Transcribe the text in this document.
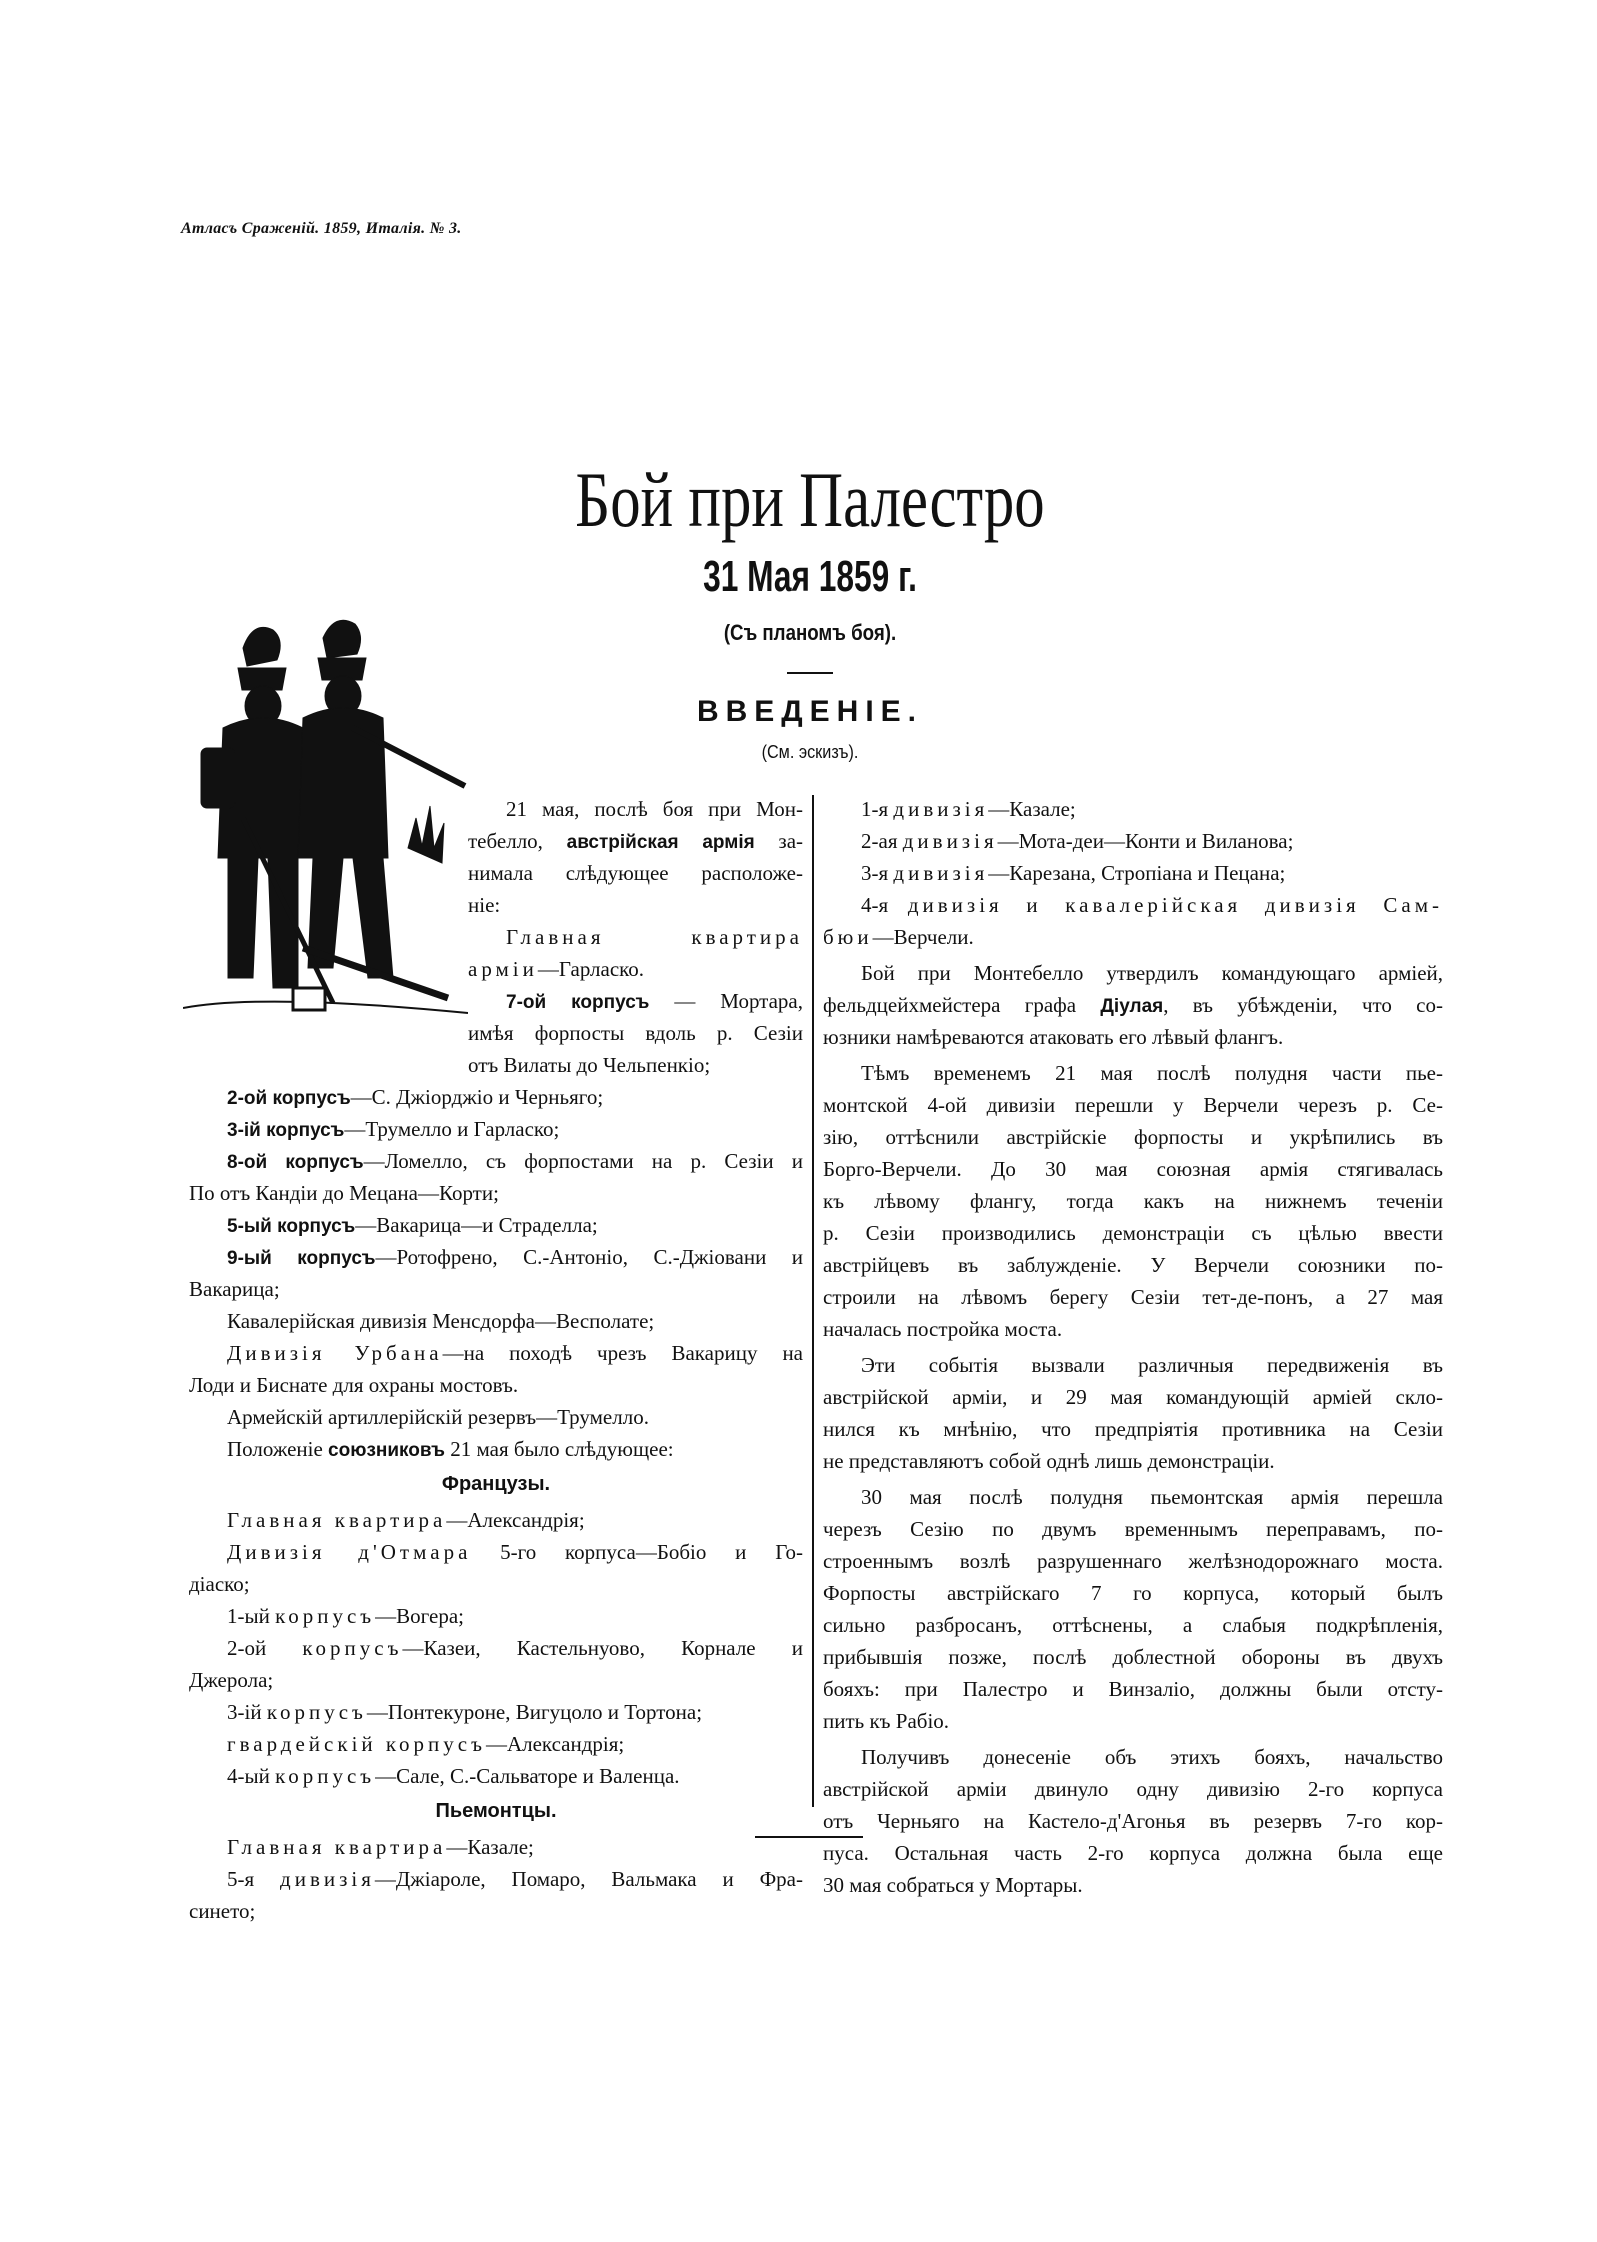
Атласъ Сраженій. 1859, Италія. № 3.
Бой при Палестро
31 Мая 1859 г.
(Съ планомъ боя).
ВВЕДЕНІЕ.
(См. эскизъ).
21 мая, послѣ боя при Мон-
тебелло, австрійская армія за-
нимала слѣдующее расположе-
ніе:
Главная квартира
арміи—Гарласко.
7-ой корпусъ — Мортара,
имѣя форпосты вдоль р. Сезіи
отъ Вилаты до Чельпенкіо;
2-ой корпусъ—С. Джіорджіо и Черньяго;
3-ій корпусъ—Трумелло и Гарласко;
8-ой корпусъ—Ломелло, съ форпостами на р. Сезіи и
По отъ Кандіи до Мецана—Корти;
5-ый корпусъ—Вакарица—и Страделла;
9-ый корпусъ—Ротофрено, С.-Антоніо, С.-Джіовани и
Вакарица;
Кавалерійская дивизія Менсдорфа—Весполате;
Дивизія Урбана—на походѣ чрезъ Вакарицу на
Лоди и Биснате для охраны мостовъ.
Армейскій артиллерійскій резервъ—Трумелло.
Положеніе союзниковъ 21 мая было слѣдующее:
Французы.
Главная квартира—Александрія;
Дивизія д'Отмара 5-го корпуса—Бобіо и Го-
діаско;
1-ый корпусъ—Вогера;
2-ой корпусъ—Казеи, Кастельнуово, Корнале и
Джерола;
3-ій корпусъ—Понтекуроне, Вигуцоло и Тортона;
гвардейскій корпусъ—Александрія;
4-ый корпусъ—Сале, С.-Сальваторе и Валенца.
Пьемонтцы.
Главная квартира—Казале;
5-я дивизія—Джіароле, Помаро, Вальмака и Фра-
синето;
1-я дивизія—Казале;
2-ая дивизія—Мота-деи—Конти и Виланова;
3-я дивизія—Карезана, Стропіана и Пецана;
4-я дивизія и кавалерійская дивизія Сам-
бюи—Верчели.
Бой при Монтебелло утвердилъ командующаго арміей,
фельдцейхмейстера графа Діулая, въ убѣжденіи, что со-
юзники намѣреваются атаковать его лѣвый флангъ.
Тѣмъ временемъ 21 мая послѣ полудня части пье-
монтской 4-ой дивизіи перешли у Верчели черезъ р. Се-
зію, оттѣснили австрійскіе форпосты и укрѣпились въ
Борго-Верчели. До 30 мая союзная армія стягивалась
къ лѣвому флангу, тогда какъ на нижнемъ теченіи
р. Сезіи производились демонстраціи съ цѣлью ввести
австрійцевъ въ заблужденіе. У Верчели союзники по-
строили на лѣвомъ берегу Сезіи тет-де-понъ, а 27 мая
началась постройка моста.
Эти событія вызвали различныя передвиженія въ
австрійской арміи, и 29 мая командующій арміей скло-
нился къ мнѣнію, что предпріятія противника на Сезіи
не представляютъ собой однѣ лишь демонстраціи.
30 мая послѣ полудня пьемонтская армія перешла
черезъ Сезію по двумъ временнымъ переправамъ, по-
строеннымъ возлѣ разрушеннаго желѣзнодорожнаго моста.
Форпосты австрійскаго 7 го корпуса, который былъ
сильно разбросанъ, оттѣснены, а слабыя подкрѣпленія,
прибывшія позже, послѣ доблестной обороны въ двухъ
бояхъ: при Палестро и Винзаліо, должны были отсту-
пить къ Рабіо.
Получивъ донесеніе объ этихъ бояхъ, начальство
австрійской арміи двинуло одну дивизію 2-го корпуса
отъ Черньяго на Кастело-д'Агонья въ резервъ 7-го кор-
пуса. Остальная часть 2-го корпуса должна была еще
30 мая собраться у Мортары.
